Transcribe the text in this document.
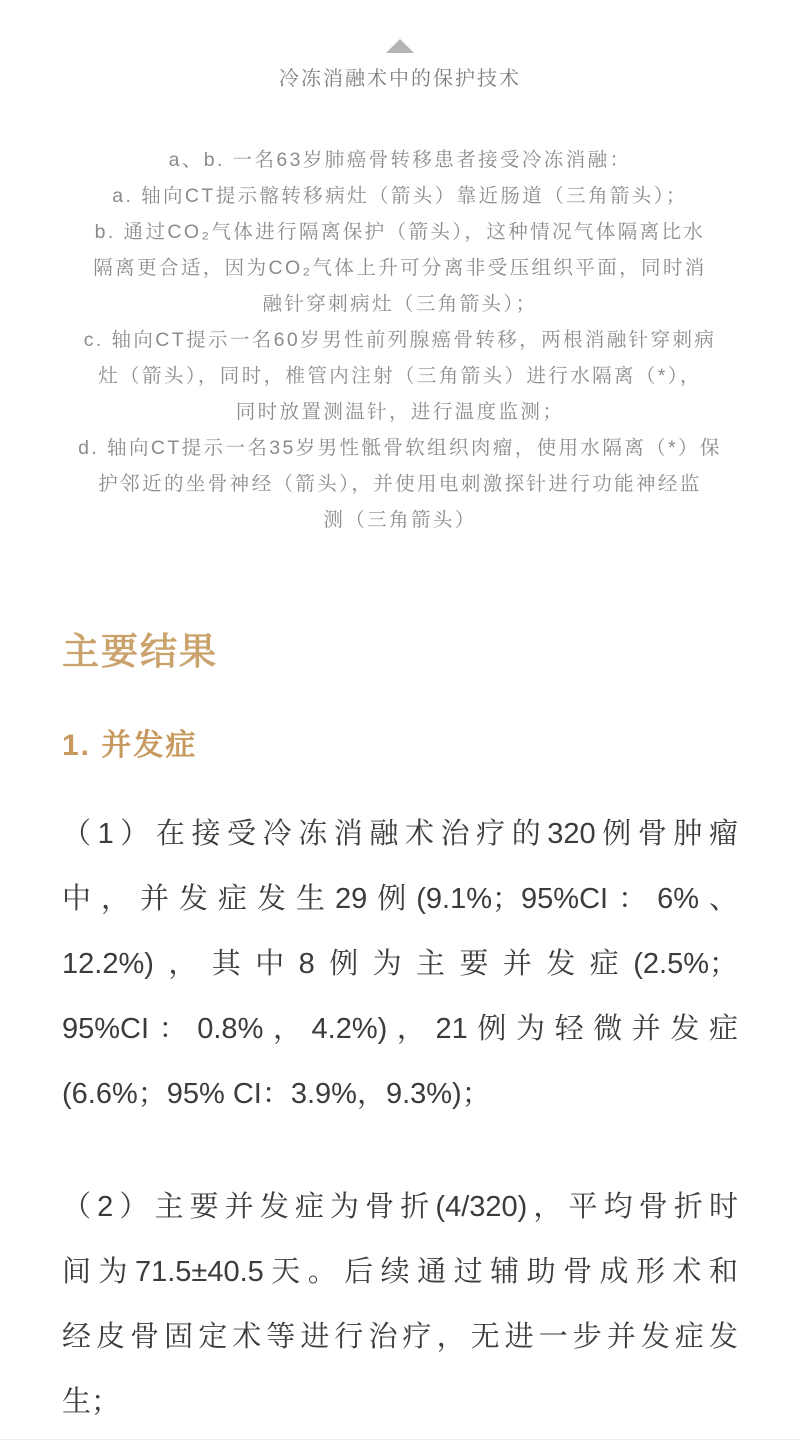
冷冻消融术中的保护技术
a、b. 一名63岁肺癌骨转移患者接受冷冻消融：
a. 轴向CT提示髂转移病灶（箭头）靠近肠道（三角箭头）；
b. 通过CO₂气体进行隔离保护（箭头），这种情况气体隔离比水
隔离更合适，因为CO₂气体上升可分离非受压组织平面，同时消
融针穿刺病灶（三角箭头）；
c. 轴向CT提示一名60岁男性前列腺癌骨转移，两根消融针穿刺病
灶（箭头），同时，椎管内注射（三角箭头）进行水隔离（*），
同时放置测温针，进行温度监测；
d. 轴向CT提示一名35岁男性骶骨软组织肉瘤，使用水隔离（*）保
护邻近的坐骨神经（箭头），并使用电刺激探针进行功能神经监
测（三角箭头）
主要结果
1. 并发症
（1）在接受冷冻消融术治疗的320例骨肿瘤
中，并发症发生29例(9.1%；95%CI：6%、
12.2%)，其中8例为主要并发症(2.5%；
95%CI：0.8%，4.2%)，21例为轻微并发症
(6.6%；95% CI：3.9%，9.3%)；
（2）主要并发症为骨折(4/320)，平均骨折时
间为71.5±40.5天。后续通过辅助骨成形术和
经皮骨固定术等进行治疗，无进一步并发症发
生；
